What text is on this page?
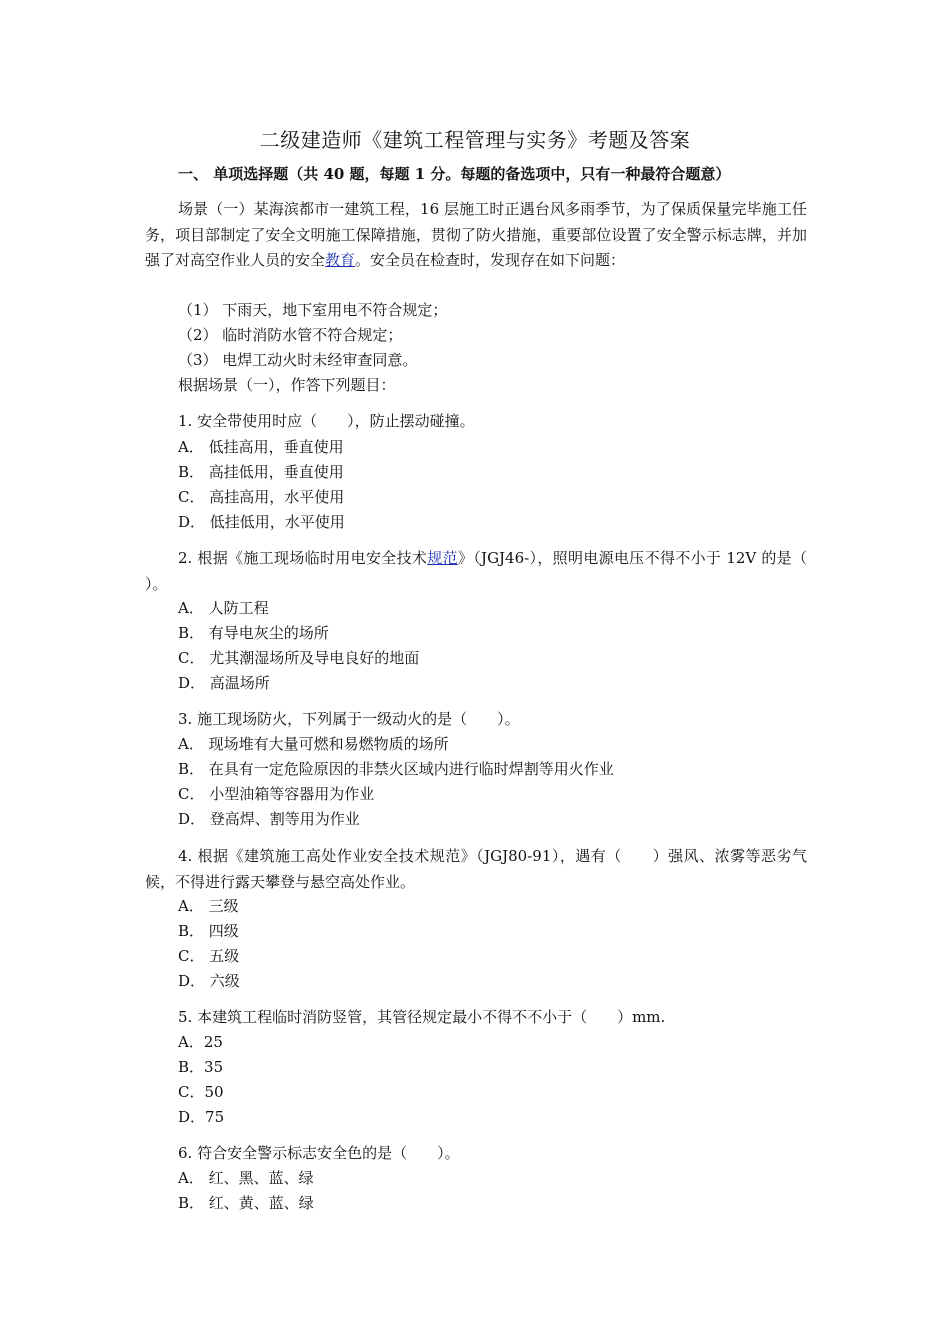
二级建造师《建筑工程管理与实务》考题及答案
一、 单项选择题（共 40 题，每题 1 分。每题的备选项中，只有一种最符合题意）
场景（一）某海滨都市一建筑工程，16 层施工时正遇台风多雨季节，为了保质保量完毕施工任务，项目部制定了安全文明施工保障措施，贯彻了防火措施，重要部位设置了安全警示标志牌，并加强了对高空作业人员的安全教育。安全员在检查时，发现存在如下问题：
（1） 下雨天，地下室用电不符合规定；
（2） 临时消防水管不符合规定；
（3） 电焊工动火时未经审查同意。
根据场景（一），作答下列题目：
1. 安全带使用时应（　　），防止摆动碰撞。
A． 低挂高用，垂直使用
B． 高挂低用，垂直使用
C． 高挂高用，水平使用
D． 低挂低用，水平使用
2. 根据《施工现场临时用电安全技术规范》（JGJ46-），照明电源电压不得不小于 12V 的是（　 ）。
A． 人防工程
B． 有导电灰尘的场所
C． 尤其潮湿场所及导电良好的地面
D． 高温场所
3. 施工现场防火，下列属于一级动火的是（　　）。
A． 现场堆有大量可燃和易燃物质的场所
B． 在具有一定危险原因的非禁火区域内进行临时焊割等用火作业
C． 小型油箱等容器用为作业
D． 登高焊、割等用为作业
4. 根据《建筑施工高处作业安全技术规范》（JGJ80-91），遇有（　　）强风、浓雾等恶劣气候，不得进行露天攀登与悬空高处作业。
A． 三级
B． 四级
C． 五级
D． 六级
5. 本建筑工程临时消防竖管，其管径规定最小不得不不小于（　　）mm.
A．25
B．35
C．50
D．75
6. 符合安全警示标志安全色的是（　　）。
A． 红、黑、蓝、绿
B． 红、黄、蓝、绿
